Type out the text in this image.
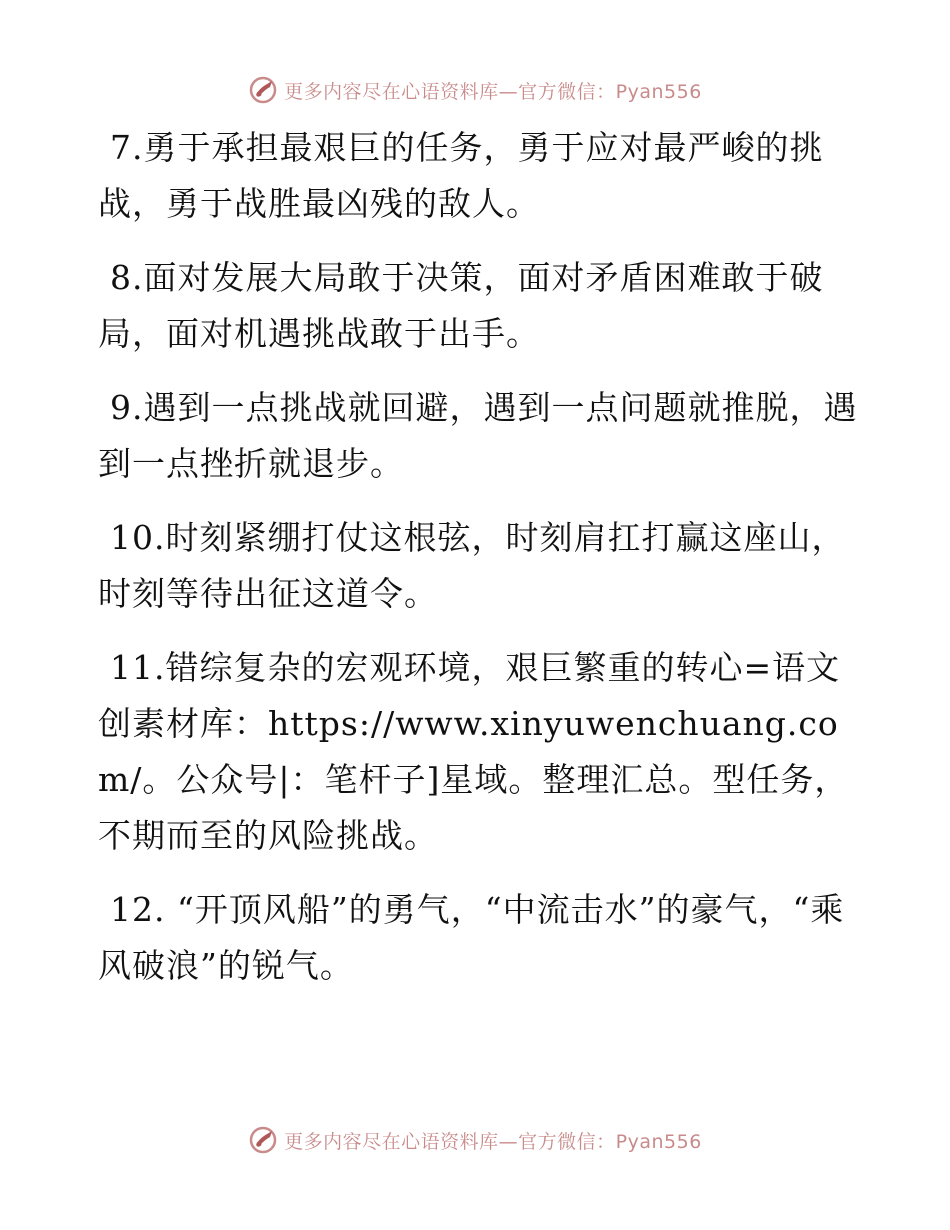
更多内容尽在心语资料库—官方微信：Pyan556

7.勇于承担最艰巨的任务，勇于应对最严峻的挑战，勇于战胜最凶残的敌人。

8.面对发展大局敢于决策，面对矛盾困难敢于破局，面对机遇挑战敢于出手。

9.遇到一点挑战就回避，遇到一点问题就推脱，遇到一点挫折就退步。

10.时刻紧绷打仗这根弦，时刻肩扛打赢这座山，时刻等待出征这道令。

11.错综复杂的宏观环境，艰巨繁重的转心=语文创素材库：https://www.xinyuwenchuang.com/。公众号|：笔杆子]星域。整理汇总。型任务，不期而至的风险挑战。

12. “开顶风船”的勇气，“中流击水”的豪气，“乘风破浪”的锐气。

更多内容尽在心语资料库—官方微信：Pyan556
